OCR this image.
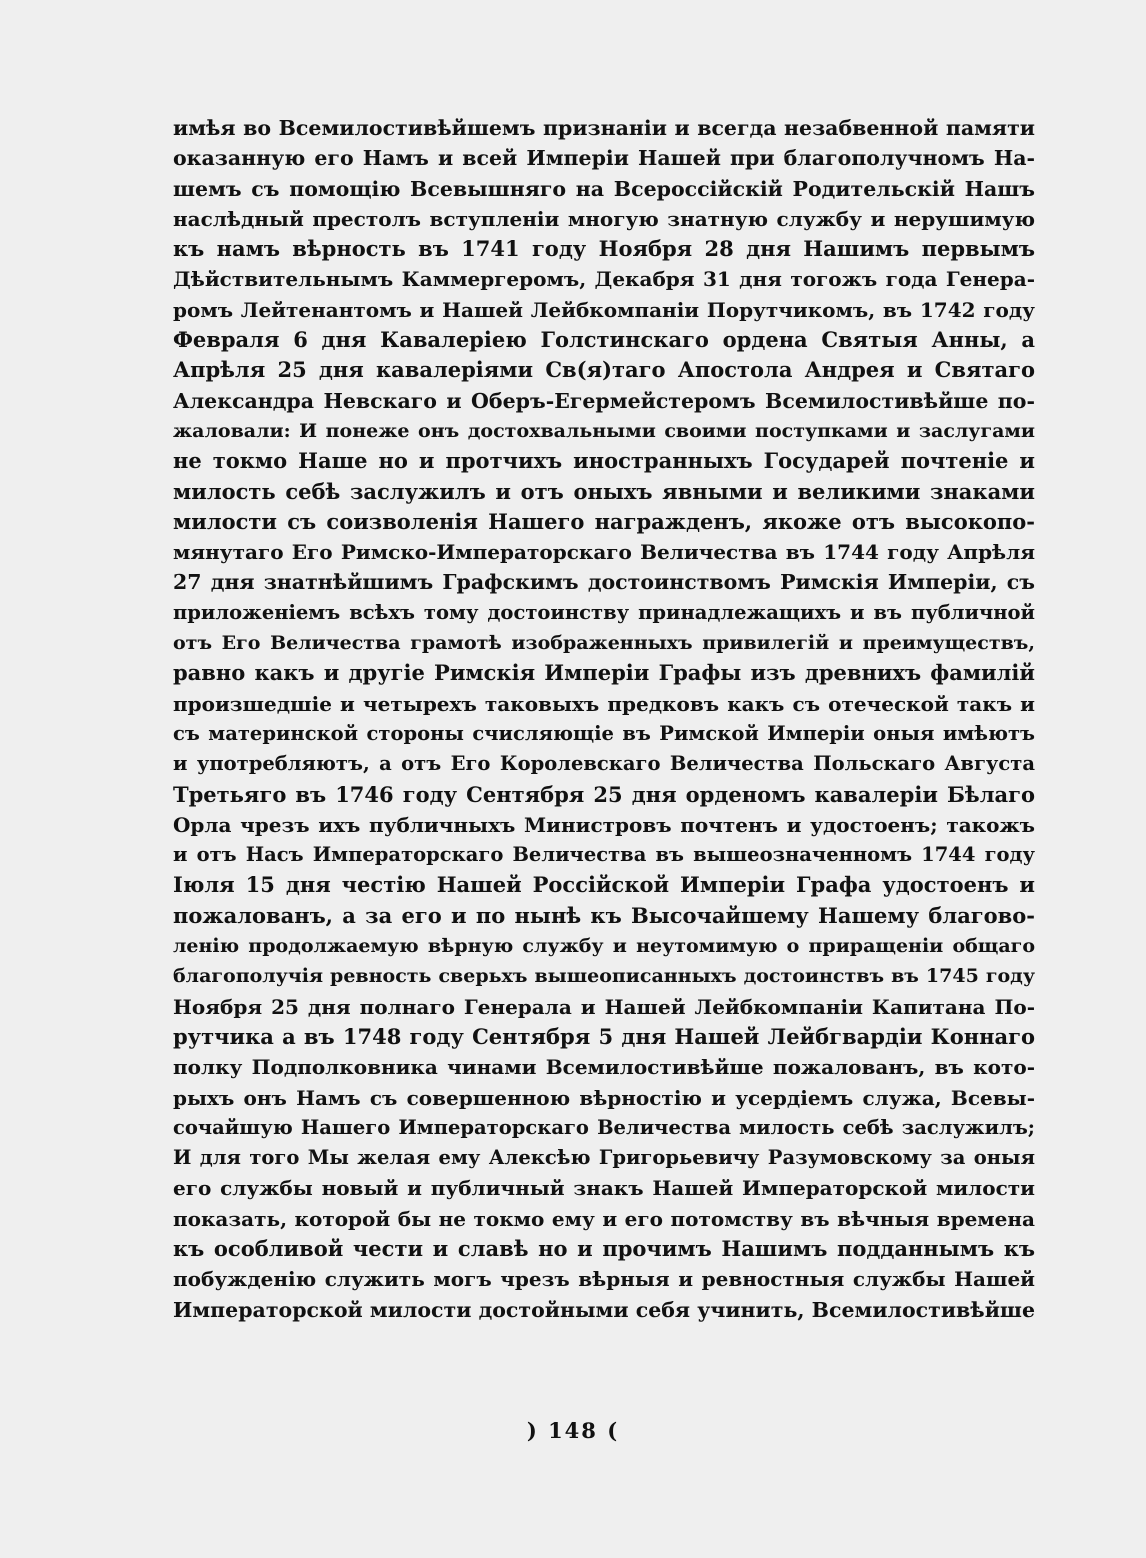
имѣя во Всемилостивѣйшемъ признаніи и всегда незабвенной памяти
оказанную его Намъ и всей Имперіи Нашей при благополучномъ На-
шемъ съ помощію Всевышняго на Всероссійскій Родительскій Нашъ
наслѣдный престолъ вступленіи многую знатную службу и нерушимую
къ намъ вѣрность въ 1741 году Ноября 28 дня Нашимъ первымъ
Дѣйствительнымъ Каммергеромъ, Декабря 31 дня тогожъ года Генера-
ромъ Лейтенантомъ и Нашей Лейбкомпаніи Порутчикомъ, въ 1742 году
Февраля 6 дня Кавалеріею Голстинскаго ордена Святыя Анны, а
Апрѣля 25 дня кавалеріями Св(я)таго Апостола Андрея и Святаго
Александра Невскаго и Оберъ-Егермейстеромъ Всемилостивѣйше по-
жаловали: И понеже онъ достохвальными своими поступками и заслугами
не токмо Наше но и протчихъ иностранныхъ Государей почтеніе и
милость себѣ заслужилъ и отъ оныхъ явными и великими знаками
милости съ соизволенія Нашего награжденъ, якоже отъ высокопо-
мянутаго Его Римско-Императорскаго Величества въ 1744 году Апрѣля
27 дня знатнѣйшимъ Графскимъ достоинствомъ Римскія Имперіи, съ
приложеніемъ всѣхъ тому достоинству принадлежащихъ и въ публичной
отъ Его Величества грамотѣ изображенныхъ привилегій и преимуществъ,
равно какъ и другіе Римскія Имперіи Графы изъ древнихъ фамилій
произшедшіе и четырехъ таковыхъ предковъ какъ съ отеческой такъ и
съ материнской стороны счисляющіе въ Римской Имперіи оныя имѣютъ
и употребляютъ, а отъ Его Королевскаго Величества Польскаго Августа
Третьяго въ 1746 году Сентября 25 дня орденомъ кавалеріи Бѣлаго
Орла чрезъ ихъ публичныхъ Министровъ почтенъ и удостоенъ; такожъ
и отъ Насъ Императорскаго Величества въ вышеозначенномъ 1744 году
Іюля 15 дня честію Нашей Россійской Имперіи Графа удостоенъ и
пожалованъ, а за его и по нынѣ къ Высочайшему Нашему благово-
ленію продолжаемую вѣрную службу и неутомимую о приращеніи общаго
благополучія ревность сверьхъ вышеописанныхъ достоинствъ въ 1745 году
Ноября 25 дня полнаго Генерала и Нашей Лейбкомпаніи Капитана По-
рутчика а въ 1748 году Сентября 5 дня Нашей Лейбгвардіи Коннаго
полку Подполковника чинами Всемилостивѣйше пожалованъ, въ кото-
рыхъ онъ Намъ съ совершенною вѣрностію и усердіемъ служа, Всевы-
сочайшую Нашего Императорскаго Величества милость себѣ заслужилъ;
И для того Мы желая ему Алексѣю Григорьевичу Разумовскому за оныя
его службы новый и публичный знакъ Нашей Императорской милости
показать, которой бы не токмо ему и его потомству въ вѣчныя времена
къ особливой чести и славѣ но и прочимъ Нашимъ подданнымъ къ
побужденію служить могъ чрезъ вѣрныя и ревностныя службы Нашей
Императорской милости достойными себя учинить, Всемилостивѣйше
) 148 (
